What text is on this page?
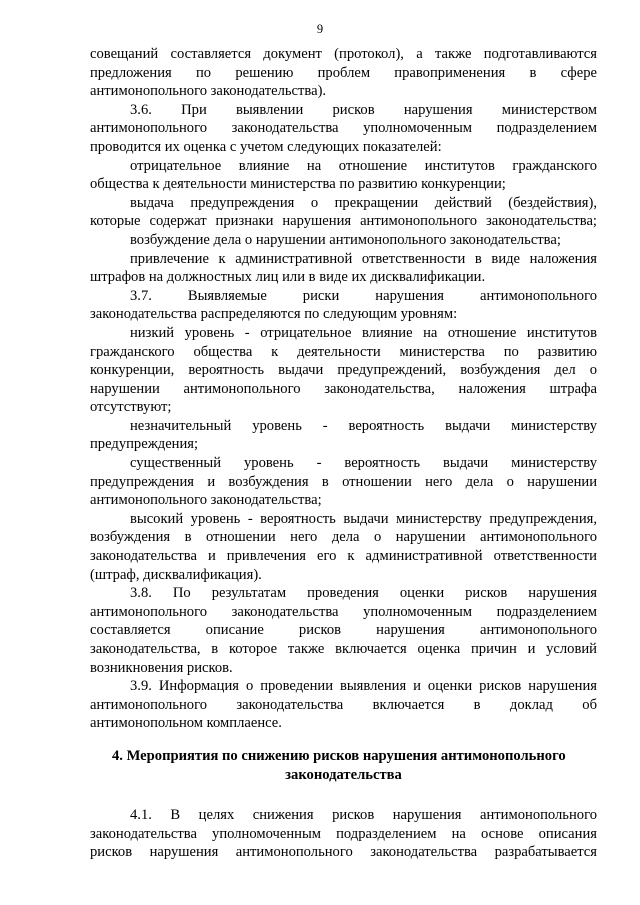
9
совещаний составляется документ (протокол), а также подготавливаются
предложения по решению проблем правоприменения в сфере
антимонопольного законодательства).
3.6. При выявлении рисков нарушения министерством
антимонопольного законодательства уполномоченным подразделением
проводится их оценка с учетом следующих показателей:
отрицательное влияние на отношение институтов гражданского
общества к деятельности министерства по развитию конкуренции;
выдача предупреждения о прекращении действий (бездействия),
которые содержат признаки нарушения антимонопольного законодательства;
возбуждение дела о нарушении антимонопольного законодательства;
привлечение к административной ответственности в виде наложения
штрафов на должностных лиц или в виде их дисквалификации.
3.7. Выявляемые риски нарушения антимонопольного
законодательства распределяются по следующим уровням:
низкий уровень - отрицательное влияние на отношение институтов
гражданского общества к деятельности министерства по развитию
конкуренции, вероятность выдачи предупреждений, возбуждения дел о
нарушении антимонопольного законодательства, наложения штрафа
отсутствуют;
незначительный уровень - вероятность выдачи министерству
предупреждения;
существенный уровень - вероятность выдачи министерству
предупреждения и возбуждения в отношении него дела о нарушении
антимонопольного законодательства;
высокий уровень - вероятность выдачи министерству предупреждения,
возбуждения в отношении него дела о нарушении антимонопольного
законодательства и привлечения его к административной ответственности
(штраф, дисквалификация).
3.8. По результатам проведения оценки рисков нарушения
антимонопольного законодательства уполномоченным подразделением
составляется описание рисков нарушения антимонопольного
законодательства, в которое также включается оценка причин и условий
возникновения рисков.
3.9. Информация о проведении выявления и оценки рисков нарушения
антимонопольного законодательства включается в доклад об
антимонопольном комплаенсе.
4. Мероприятия по снижению рисков нарушения антимонопольного
законодательства
4.1. В целях снижения рисков нарушения антимонопольного
законодательства уполномоченным подразделением на основе описания
рисков нарушения антимонопольного законодательства разрабатывается
